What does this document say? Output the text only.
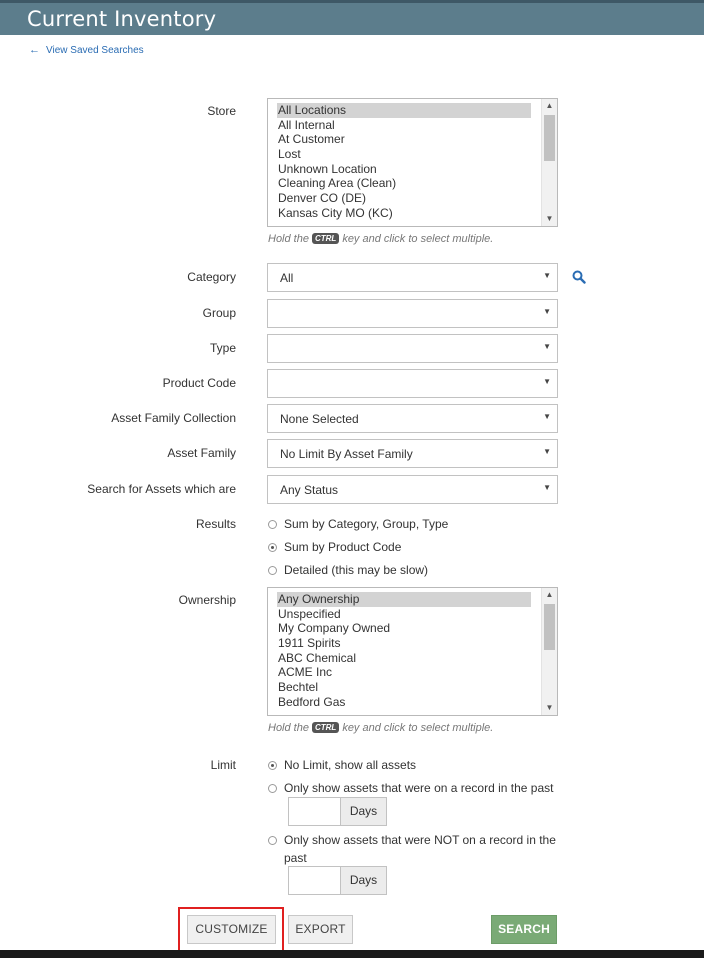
Current Inventory
← View Saved Searches
Store	All Locations
All Internal
At Customer
Lost
Unknown Location
Cleaning Area (Clean)
Denver CO (DE)
Kansas City MO (KC)
▲
▼
Hold the CTRL key and click to select multiple.
Category	All	▼
Group	▼
Type	▼
Product Code	▼
Asset Family Collection	None Selected	▼
Asset Family	No Limit By Asset Family	▼
Search for Assets which are	Any Status	▼
Results	Sum by Category, Group, Type
Sum by Product Code
Detailed (this may be slow)
Ownership	Any Ownership
Unspecified
My Company Owned
1911 Spirits
ABC Chemical
ACME Inc
Bechtel
Bedford Gas
▲
▼
Hold the CTRL key and click to select multiple.
Limit	No Limit, show all assets
Only show assets that were on a record in the past
Days
Only show assets that were NOT on a record in the
past
Days
CUSTOMIZE	EXPORT	SEARCH
